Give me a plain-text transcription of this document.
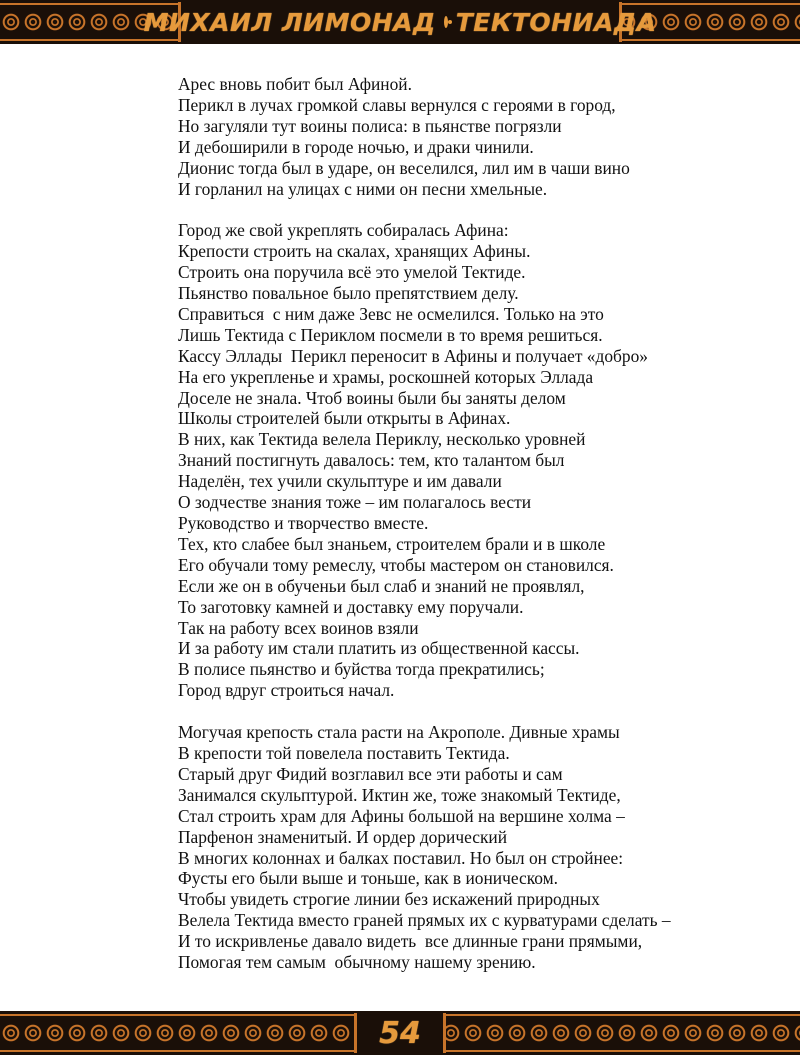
МИХАИЛ ЛИМОНАД ТЕКТОНИАДА
Арес вновь побит был Афиной.
Перикл в лучах громкой славы вернулся с героями в город,
Но загуляли тут воины полиса: в пьянстве погрязли
И дебоширили в городе ночью, и драки чинили.
Дионис тогда был в ударе, он веселился, лил им в чаши вино
И горланил на улицах с ними он песни хмельные.
Город же свой укреплять собиралась Афина:
Крепости строить на скалах, хранящих Афины.
Строить она поручила всё это умелой Тектиде.
Пьянство повальное было препятствием делу.
Справиться  с ним даже Зевс не осмелился. Только на это
Лишь Тектида с Периклом посмели в то время решиться.
Кассу Эллады  Перикл переносит в Афины и получает «добро»
На его укрепленье и храмы, роскошней которых Эллада
Доселе не знала. Чтоб воины были бы заняты делом
Школы строителей были открыты в Афинах.
В них, как Тектида велела Периклу, несколько уровней
Знаний постигнуть давалось: тем, кто талантом был
Наделён, тех учили скульптуре и им давали
О зодчестве знания тоже – им полагалось вести
Руководство и творчество вместе.
Тех, кто слабее был знаньем, строителем брали и в школе
Его обучали тому ремеслу, чтобы мастером он становился.
Если же он в обученьи был слаб и знаний не проявлял,
То заготовку камней и доставку ему поручали.
Так на работу всех воинов взяли
И за работу им стали платить из общественной кассы.
В полисе пьянство и буйства тогда прекратились;
Город вдруг строиться начал.
Могучая крепость стала расти на Акрополе. Дивные храмы
В крепости той повелела поставить Тектида.
Старый друг Фидий возглавил все эти работы и сам
Занимался скульптурой. Иктин же, тоже знакомый Тектиде,
Стал строить храм для Афины большой на вершине холма –
Парфенон знаменитый. И ордер дорический
В многих колоннах и балках поставил. Но был он стройнее:
Фусты его были выше и тоньше, как в ионическом.
Чтобы увидеть строгие линии без искажений природных
Велела Тектида вместо граней прямых их с курватурами сделать –
И то искривленье давало видеть  все длинные грани прямыми,
Помогая тем самым  обычному нашему зрению.
54
